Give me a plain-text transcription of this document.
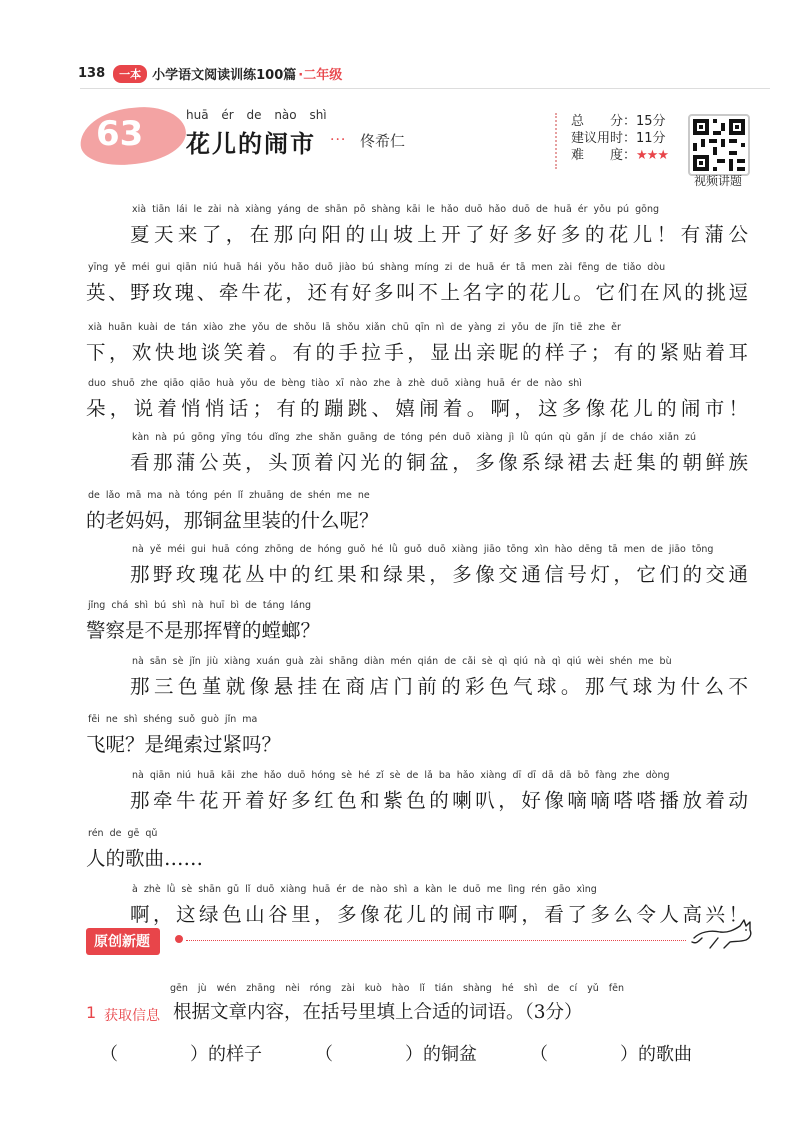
138	一本 小学语文阅读训练100篇 ·二年级
63	huā ér de nào shì
花儿的闹市 ··· 佟希仁
总　　分：15分
建议用时：11分
难　　度：★★★
视频讲题
xià tiān lái le zài nà xiàng yáng de shān pō shàng kāi le hǎo duō hǎo duō de huā ér yǒu pú gōng
夏天来了，在那向阳的山坡上开了好多好多的花儿！有蒲公
yīng yě méi gui qiān niú huā hái yǒu hǎo duō jiào bú shàng míng zi de huā ér tā men zài fēng de tiǎo dòu
英、野玫瑰、牵牛花，还有好多叫不上名字的花儿。它们在风的挑逗
xià huān kuài de tán xiào zhe yǒu de shǒu lā shǒu xiǎn chū qīn nì de yàng zi yǒu de jǐn tiē zhe ěr
下，欢快地谈笑着。有的手拉手，显出亲昵的样子；有的紧贴着耳
duo shuō zhe qiāo qiāo huà yǒu de bèng tiào xī nào zhe à zhè duō xiàng huā ér de nào shì
朵，说着悄悄话；有的蹦跳、嬉闹着。啊，这多像花儿的闹市！
kàn nà pú gōng yīng tóu dǐng zhe shǎn guāng de tóng pén duō xiàng jì lǜ qún qù gǎn jí de cháo xiǎn zú
看那蒲公英，头顶着闪光的铜盆，多像系绿裙去赶集的朝鲜族
de lǎo mā ma nà tóng pén lǐ zhuāng de shén me ne
的老妈妈，那铜盆里装的什么呢？
nà yě méi gui huā cóng zhōng de hóng guǒ hé lǜ guǒ duō xiàng jiāo tōng xìn hào dēng tā men de jiāo tōng
那野玫瑰花丛中的红果和绿果，多像交通信号灯，它们的交通
jǐng chá shì bú shì nà huī bì de táng láng
警察是不是那挥臂的螳螂？
nà sān sè jǐn jiù xiàng xuán guà zài shāng diàn mén qián de cǎi sè qì qiú nà qì qiú wèi shén me bù
那三色堇就像悬挂在商店门前的彩色气球。那气球为什么不
fēi ne shì shéng suǒ guò jǐn ma
飞呢？是绳索过紧吗？
nà qiān niú huā kāi zhe hǎo duō hóng sè hé zǐ sè de lǎ ba hǎo xiàng dī dī dā dā bō fàng zhe dòng
那牵牛花开着好多红色和紫色的喇叭，好像嘀嘀嗒嗒播放着动
rén de gē qǔ
人的歌曲……
à zhè lǜ sè shān gǔ lǐ duō xiàng huā ér de nào shì a kàn le duō me lìng rén gāo xìng
啊，这绿色山谷里，多像花儿的闹市啊，看了多么令人高兴！
原创新题
gēn jù wén zhāng nèi róng zài kuò hào lǐ tián shàng hé shì de cí yǔ fēn
1 获取信息 根据文章内容，在括号里填上合适的词语。（3分）
（　　　　）的样子	（　　　　）的铜盆	（　　　　）的歌曲
